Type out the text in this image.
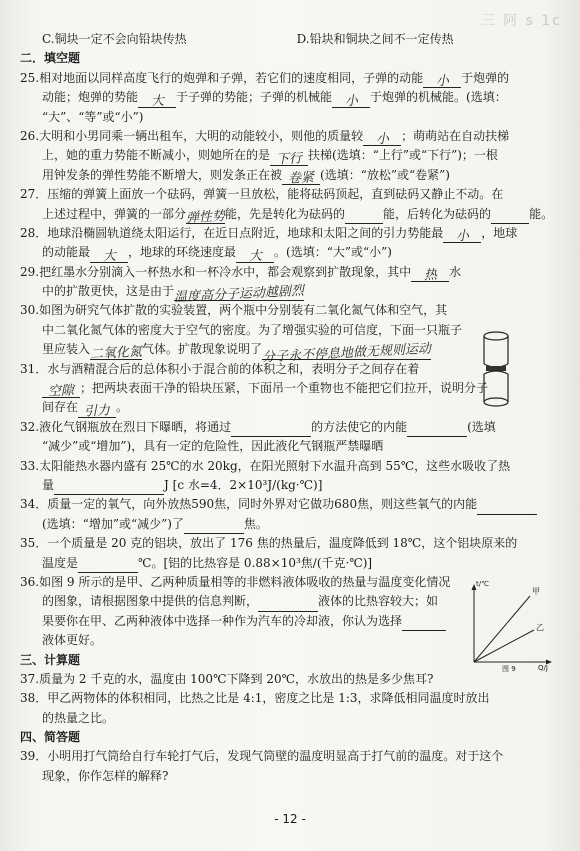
三 阿 s 1c
C.铜块一定不会向铅块传热	D.铅块和铜块之间不一定传热
二．填空题
25.相对地面以同样高度飞行的炮弹和子弹，若它们的速度相同，子弹的动能 小 于炮弹的
动能；炮弹的势能 大 于子弹的势能；子弹的机械能 小 于炮弹的机械能。(选填：
“大”、“等”或“小”)
26.大明和小男同乘一辆出租车，大明的动能较小，则他的质量较 小 ；萌萌站在自动扶梯
上，她的重力势能不断减小，则她所在的是 下行 扶梯(选填：“上行”或“下行”)；一根
用钟发条的弹性势能不断增大，则发条正在被 卷紧 (选填：“放松”或“卷紧”)
27．压缩的弹簧上面放一个砝码，弹簧一旦放松，能将砝码顶起，直到砝码又静止不动。在
上述过程中，弹簧的一部分弹性势能，先是转化为砝码的	能，后转化为砝码的	能。
28．地球沿椭圆轨道绕太阳运行，在近日点附近，地球和太阳之间的引力势能最 小 ，地球
的动能最 大 ，地球的环绕速度最 大 。(选填：“大”或“小”)
29.把红墨水分别滴入一杯热水和一杯冷水中，都会观察到扩散现象，其中 热 水
中的扩散更快，这是由于温度高分子运动越剧烈
30.如图为研究气体扩散的实验装置，两个瓶中分别装有二氧化氮气体和空气，其
中二氧化氮气体的密度大于空气的密度。为了增强实验的可信度，下面一只瓶子
里应装入二氧化氮气体。扩散现象说明了分子永不停息地做无规则运动
31．水与酒精混合后的总体积小于混合前的体积之和，表明分子之间存在着
空隙 ；把两块表面干净的铅块压紧，下面吊一个重物也不能把它们拉开，说明分子
间存在 引力 。
32.液化气钢瓶放在烈日下曝晒，将通过	的方法使它的内能	(选填
“减少”或“增加”)，具有一定的危险性，因此液化气钢瓶严禁曝晒
33.太阳能热水器内盛有 25℃的水 20kg，在阳光照射下水温升高到 55℃，这些水吸收了热
量	J [c 水=4．2×10³J/(kg·℃)]
34．质量一定的氧气，向外放热590焦，同时外界对它做功680焦，则这些氧气的内能
(选填：“增加”或“减少”)了	焦。
35．一个质量是 20 克的铝块，放出了 176 焦的热量后，温度降低到 18℃，这个铝块原来的
温度是	℃。[铝的比热容是 0.88×10³焦/(千克·℃)]
36.如图 9 所示的是甲、乙两种质量相等的非燃料液体吸收的热量与温度变化情况
的图象，请根据图象中提供的信息判断，	液体的比热容较大；如
果要你在甲、乙两种液体中选择一种作为汽车的冷却液，你认为选择
液体更好。
三、计算题
37.质量为 2 千克的水，温度由 100℃下降到 20℃，水放出的热是多少焦耳?
38．甲乙两物体的体积相同，比热之比是 4:1，密度之比是 1:3，求降低相同温度时放出
的热量之比。
四、简答题
39．小明用打气筒给自行车轮打气后，发现气筒壁的温度明显高于打气前的温度。对于这个
现象，你作怎样的解释?
t/℃
甲
乙
Q/J
图 9
- 12 -
